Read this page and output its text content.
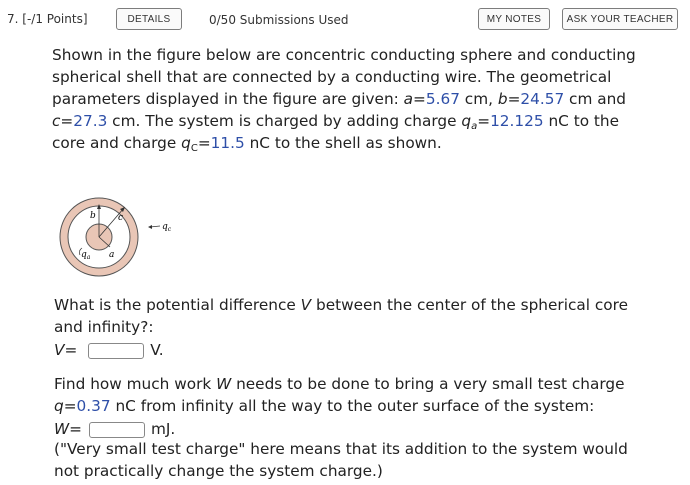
7. [-/1 Points]	DETAILS	0/50 Submissions Used	MY NOTES	ASK YOUR TEACHER

Shown in the figure below are concentric conducting sphere and conducting

spherical shell that are connected by a conducting wire. The geometrical

parameters displayed in the figure are given: a=5.67 cm, b=24.57 cm and

c=27.3 cm. The system is charged by adding charge $q_a=12.125$ nC to the

core and charge $q_C=11.5$ nC to the shell as shown.

b c
a
$q_a$
$q_c$
What is the potential difference V between the center of the spherical core
and infinity?:
V=	V.
Find how much work W needs to be done to bring a very small test charge
q=0.37 nC from infinity all the way to the outer surface of the system:
W=	mJ.
("Very small test charge" here means that its addition to the system would
not practically change the system charge.)
